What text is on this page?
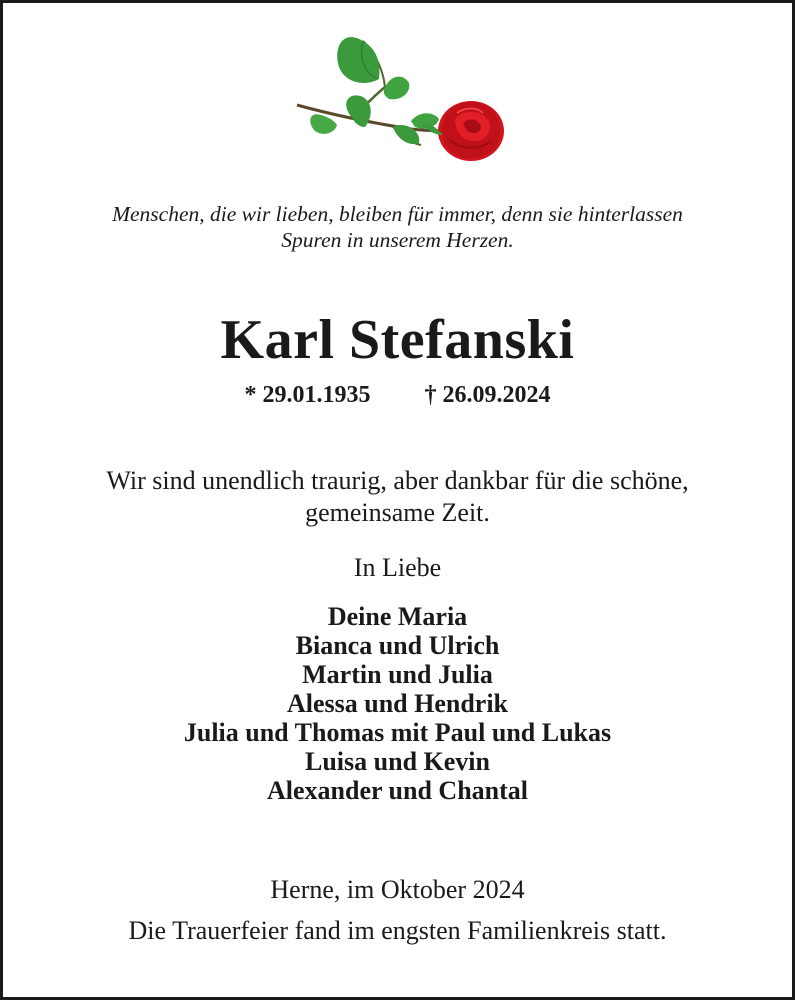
Menschen, die wir lieben, bleiben für immer, denn sie hinterlassen
Spuren in unserem Herzen.
Karl Stefanski
* 29.01.1935 † 26.09.2024
Wir sind unendlich traurig, aber dankbar für die schöne,
gemeinsame Zeit.
In Liebe
Deine Maria
Bianca und Ulrich
Martin und Julia
Alessa und Hendrik
Julia und Thomas mit Paul und Lukas
Luisa und Kevin
Alexander und Chantal
Herne, im Oktober 2024
Die Trauerfeier fand im engsten Familienkreis statt.
